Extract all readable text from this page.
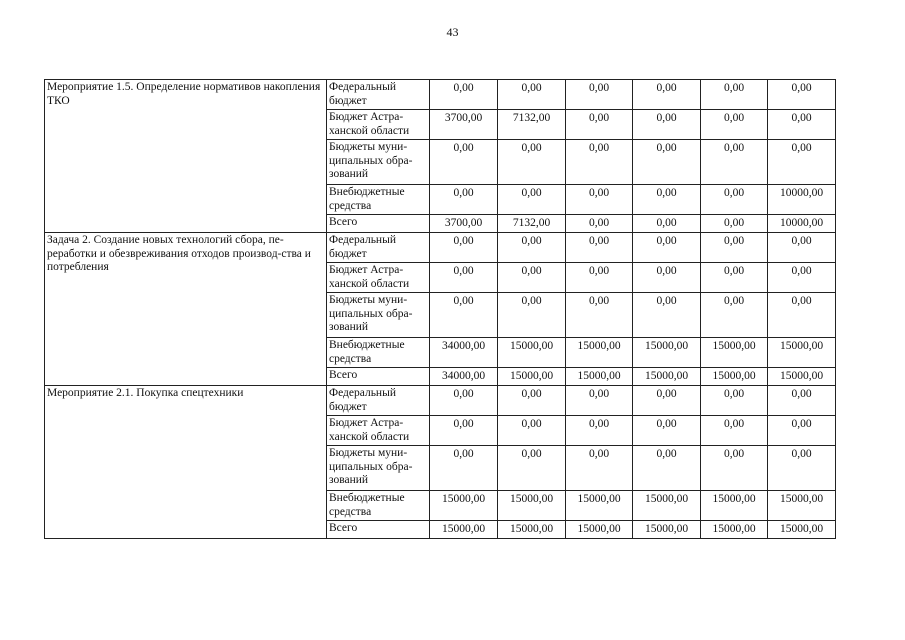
43
Мероприятие 1.5. Определение нормативов накопления ТКО	Федеральный бюджет	0,00	0,00	0,00	0,00	0,00	0,00
	Бюджет Астра-ханской области	3700,00	7132,00	0,00	0,00	0,00	0,00
	Бюджеты муни-ципальных обра-зований	0,00	0,00	0,00	0,00	0,00	0,00
	Внебюджетные средства	0,00	0,00	0,00	0,00	0,00	10000,00
	Всего	3700,00	7132,00	0,00	0,00	0,00	10000,00
Задача 2. Создание новых технологий сбора, пе-реработки и обезвреживания отходов производ-ства и потребления	Федеральный бюджет	0,00	0,00	0,00	0,00	0,00	0,00
	Бюджет Астра-ханской области	0,00	0,00	0,00	0,00	0,00	0,00
	Бюджеты муни-ципальных обра-зований	0,00	0,00	0,00	0,00	0,00	0,00
	Внебюджетные средства	34000,00	15000,00	15000,00	15000,00	15000,00	15000,00
	Всего	34000,00	15000,00	15000,00	15000,00	15000,00	15000,00
Мероприятие 2.1. Покупка спецтехники	Федеральный бюджет	0,00	0,00	0,00	0,00	0,00	0,00
	Бюджет Астра-ханской области	0,00	0,00	0,00	0,00	0,00	0,00
	Бюджеты муни-ципальных обра-зований	0,00	0,00	0,00	0,00	0,00	0,00
	Внебюджетные средства	15000,00	15000,00	15000,00	15000,00	15000,00	15000,00
	Всего	15000,00	15000,00	15000,00	15000,00	15000,00	15000,00
